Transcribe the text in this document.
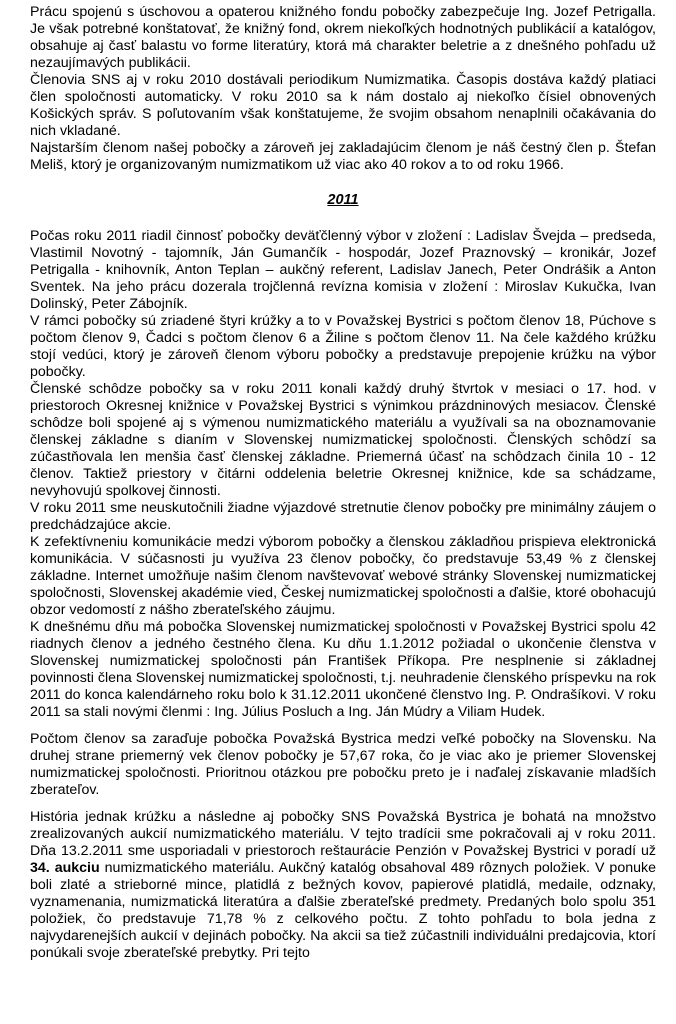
Prácu spojenú s úschovou a opaterou knižného fondu pobočky zabezpečuje Ing. Jozef Petrigalla. Je však potrebné konštatovať, že knižný fond, okrem niekoľkých hodnotných publikácií a katalógov, obsahuje aj časť balastu vo forme literatúry, ktorá má charakter beletrie a z dnešného pohľadu už nezaujímavých publikácii.

Členovia SNS aj v roku 2010 dostávali periodikum Numizmatika. Časopis dostáva každý platiaci člen spoločnosti automaticky. V roku 2010 sa k nám dostalo aj niekoľko čísiel obnovených Košických správ. S poľutovaním však konštatujeme, že svojim obsahom nenaplnili očakávania do nich vkladané.

Najstarším členom našej pobočky a zároveň jej zakladajúcim členom je náš čestný člen p. Štefan Meliš, ktorý je organizovaným numizmatikom už viac ako 40 rokov a to od roku 1966.

2011

Počas roku 2011 riadil činnosť pobočky deväťčlenný výbor v zložení : Ladislav Švejda – predseda, Vlastimil Novotný - tajomník, Ján Gumančík - hospodár, Jozef Praznovský – kronikár, Jozef Petrigalla - knihovník, Anton Teplan – aukčný referent, Ladislav Janech, Peter Ondrášik a Anton Sventek. Na jeho prácu dozerala trojčlenná revízna komisia v zložení : Miroslav Kukučka, Ivan Dolinský, Peter Zábojník.

V rámci pobočky sú zriadené štyri krúžky a to v Považskej Bystrici s počtom členov 18, Púchove s počtom členov 9, Čadci s počtom členov 6 a Žiline s počtom členov 11. Na čele každého krúžku stojí vedúci, ktorý je zároveň členom výboru pobočky a predstavuje prepojenie krúžku na výbor pobočky.

Členské schôdze pobočky sa v roku 2011 konali každý druhý štvrtok v mesiaci o 17. hod. v priestoroch Okresnej knižnice v Považskej Bystrici s výnimkou prázdninových mesiacov. Členské schôdze boli spojené aj s výmenou numizmatického materiálu a využívali sa na oboznamovanie členskej základne s dianím v Slovenskej numizmatickej spoločnosti. Členských schôdzí sa zúčastňovala len menšia časť členskej základne. Priemerná účasť na schôdzach činila 10 - 12 členov. Taktiež priestory v čitárni oddelenia beletrie Okresnej knižnice, kde sa schádzame, nevyhovujú spolkovej činnosti.

V roku 2011 sme neuskutočnili žiadne výjazdové stretnutie členov pobočky pre minimálny záujem o predchádzajúce akcie.

K zefektívneniu komunikácie medzi výborom pobočky a členskou základňou prispieva elektronická komunikácia. V súčasnosti ju využíva 23 členov pobočky, čo predstavuje 53,49 % z členskej základne. Internet umožňuje našim členom navštevovať webové stránky Slovenskej numizmatickej spoločnosti, Slovenskej akadémie vied, Českej numizmatickej spoločnosti a ďalšie, ktoré obohacujú obzor vedomostí z nášho zberateľského záujmu.

K dnešnému dňu má pobočka Slovenskej numizmatickej spoločnosti v Považskej Bystrici spolu 42 riadnych členov a jedného čestného člena. Ku dňu 1.1.2012 požiadal o ukončenie členstva v Slovenskej numizmatickej spoločnosti pán František Příkopa. Pre nesplnenie si základnej povinnosti člena Slovenskej numizmatickej spoločnosti, t.j. neuhradenie členského príspevku na rok 2011 do konca kalendárneho roku bolo k 31.12.2011 ukončené členstvo Ing. P. Ondrašíkovi. V roku 2011 sa stali novými členmi : Ing. Július Posluch a Ing. Ján Múdry a Viliam Hudek.

Počtom členov sa zaraďuje pobočka Považská Bystrica medzi veľké pobočky na Slovensku. Na druhej strane priemerný vek členov pobočky je 57,67 roka, čo je viac ako je priemer Slovenskej numizmatickej spoločnosti. Prioritnou otázkou pre pobočku preto je i naďalej získavanie mladších zberateľov.

História jednak krúžku a následne aj pobočky SNS Považská Bystrica je bohatá na množstvo zrealizovaných aukcií numizmatického materiálu. V tejto tradícii sme pokračovali aj v roku 2011. Dňa 13.2.2011 sme usporiadali v priestoroch reštaurácie Penzión v Považskej Bystrici v poradí už 34. aukciu numizmatického materiálu. Aukčný katalóg obsahoval 489 rôznych položiek. V ponuke boli zlaté a strieborné mince, platidlá z bežných kovov, papierové platidlá, medaile, odznaky, vyznamenania, numizmatická literatúra a ďalšie zberateľské predmety. Predaných bolo spolu 351 položiek, čo predstavuje 71,78 % z celkového počtu. Z tohto pohľadu to bola jedna z najvydarenejších aukcií v dejinách pobočky. Na akcii sa tiež zúčastnili individuálni predajcovia, ktorí ponúkali svoje zberateľské prebytky. Pri tejto
